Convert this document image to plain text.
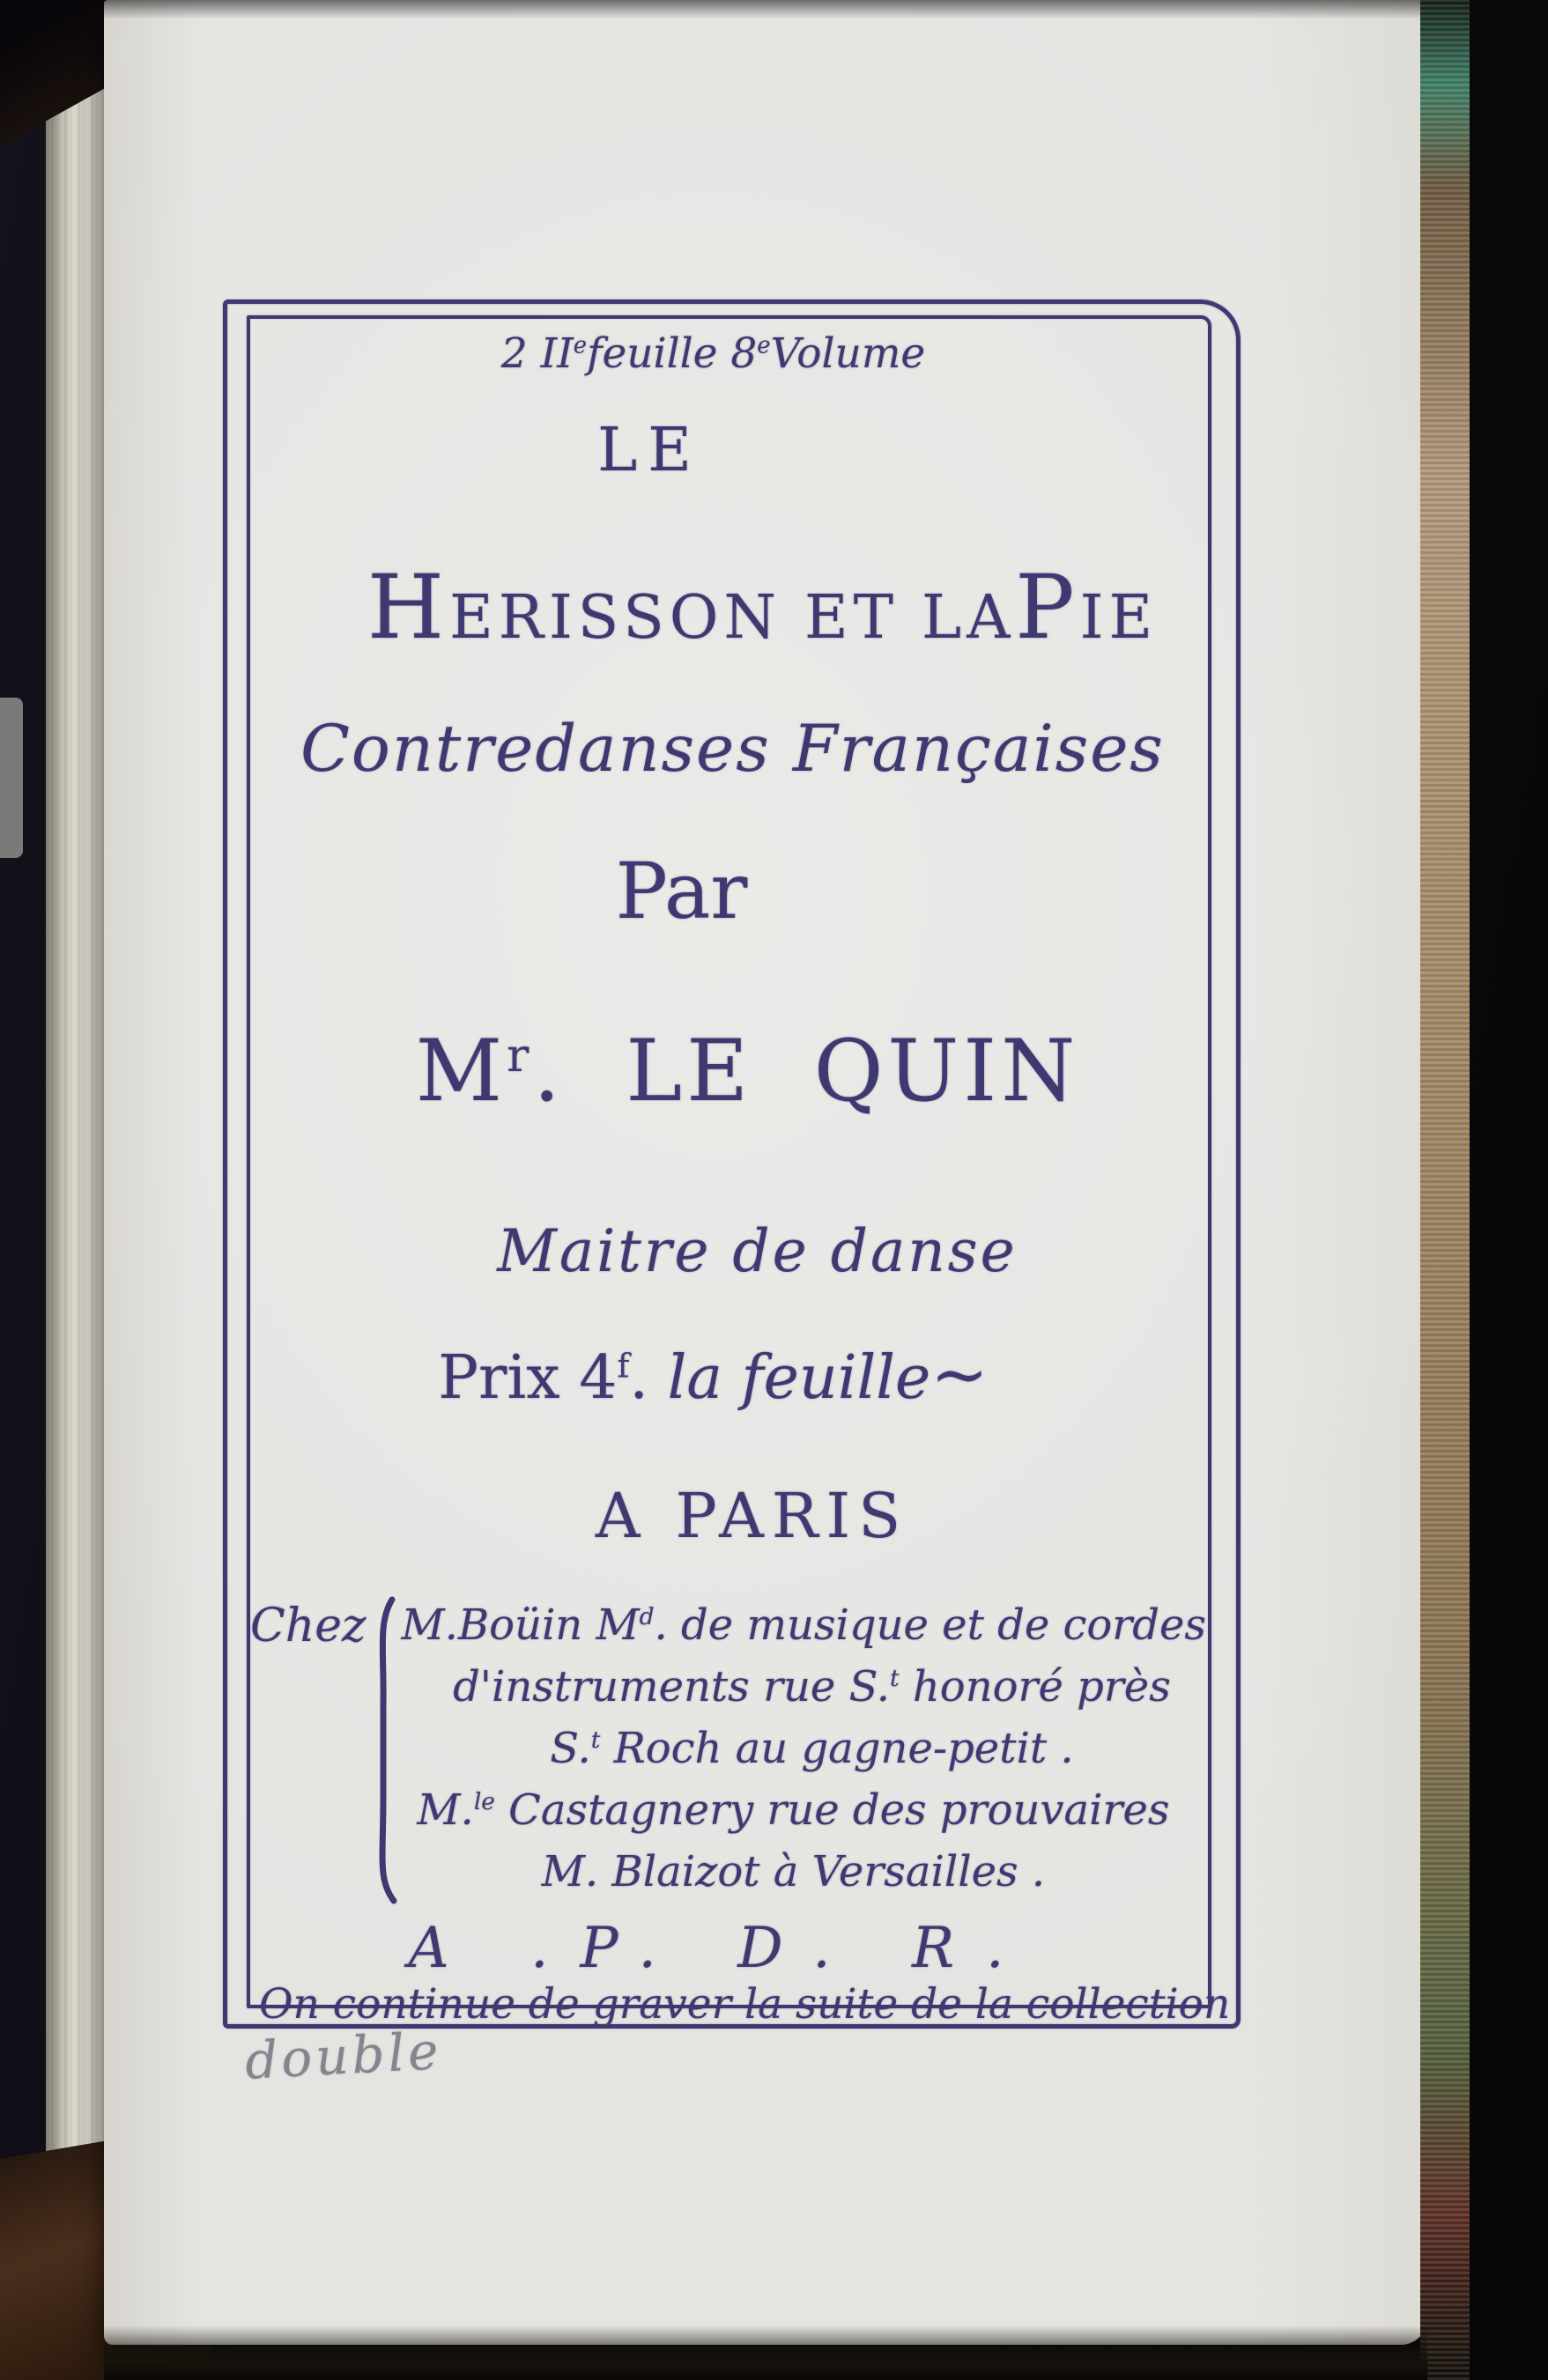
2 IIefeuille 8eVolume
LE
HERISSON ET LAPIE
Contredanses Françaises
Par
$M^r$. LE QUIN
Maitre de danse
Prix 4$^f$. la feuille~
A PARIS
Chez M.Boüin $M^d$. de musique et de cordes
d'instruments rue S.$^t$ honoré près
S.$^t$ Roch au gagne-petit .
M.$^{le}$ Castagnery rue des prouvaires
M. Blaizot à Versailles .
A .P. D. R.
On continue de graver la suite de la collection
double
